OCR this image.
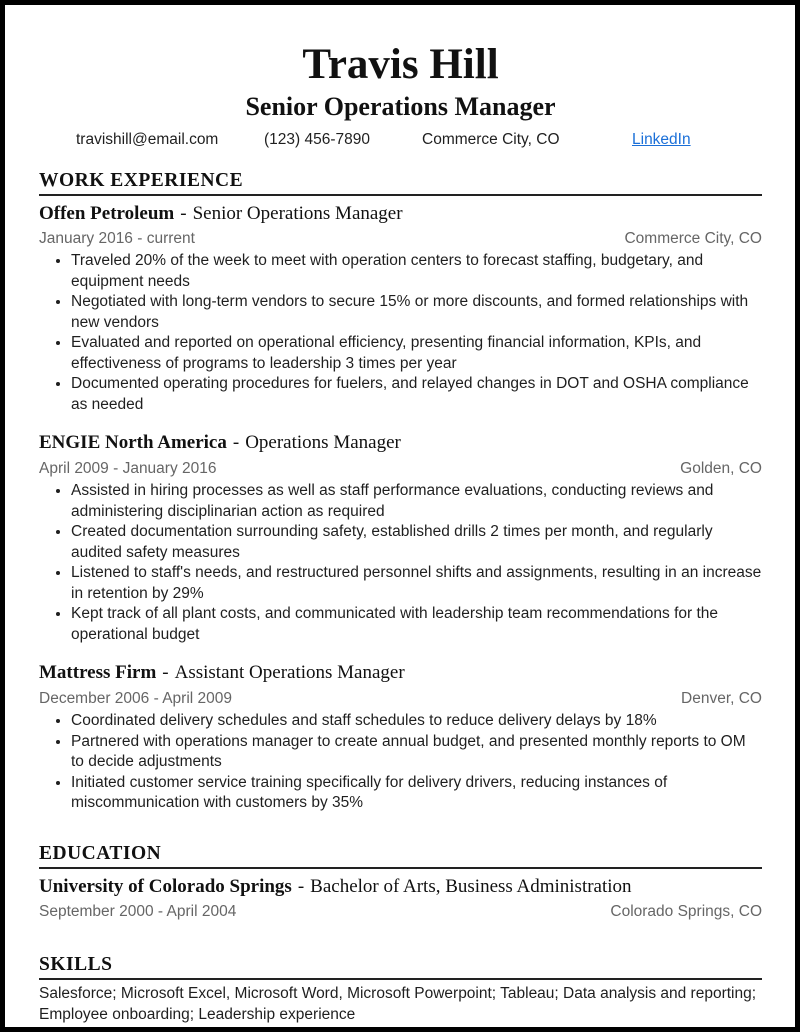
Travis Hill
Senior Operations Manager
travishill@email.com	(123) 456-7890	Commerce City, CO	LinkedIn
WORK EXPERIENCE
Offen Petroleum - Senior Operations Manager
January 2016 - current	Commerce City, CO
• Traveled 20% of the week to meet with operation centers to forecast staffing, budgetary, and equipment needs
• Negotiated with long-term vendors to secure 15% or more discounts, and formed relationships with new vendors
• Evaluated and reported on operational efficiency, presenting financial information, KPIs, and effectiveness of programs to leadership 3 times per year
• Documented operating procedures for fuelers, and relayed changes in DOT and OSHA compliance as needed
ENGIE North America - Operations Manager
April 2009 - January 2016	Golden, CO
• Assisted in hiring processes as well as staff performance evaluations, conducting reviews and administering disciplinarian action as required
• Created documentation surrounding safety, established drills 2 times per month, and regularly audited safety measures
• Listened to staff's needs, and restructured personnel shifts and assignments, resulting in an increase in retention by 29%
• Kept track of all plant costs, and communicated with leadership team recommendations for the operational budget
Mattress Firm - Assistant Operations Manager
December 2006 - April 2009	Denver, CO
• Coordinated delivery schedules and staff schedules to reduce delivery delays by 18%
• Partnered with operations manager to create annual budget, and presented monthly reports to OM to decide adjustments
• Initiated customer service training specifically for delivery drivers, reducing instances of miscommunication with customers by 35%
EDUCATION
University of Colorado Springs - Bachelor of Arts, Business Administration
September 2000 - April 2004	Colorado Springs, CO
SKILLS
Salesforce; Microsoft Excel, Microsoft Word, Microsoft Powerpoint; Tableau; Data analysis and reporting; Employee onboarding; Leadership experience
